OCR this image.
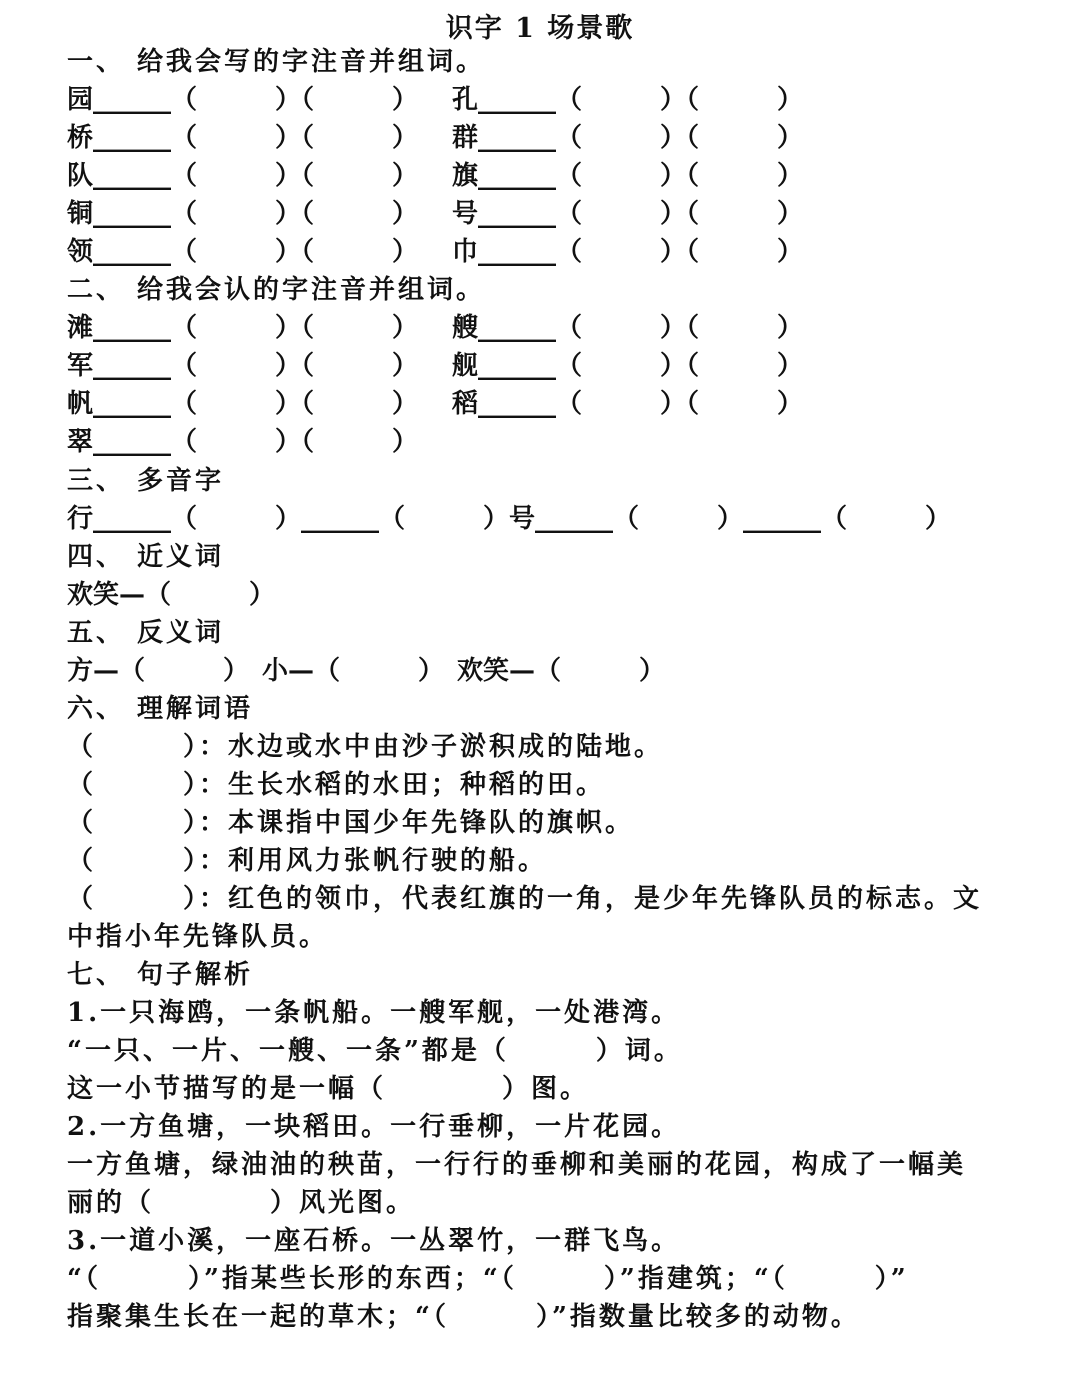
识字 1 场景歌
一、 给我会写的字注音并组词。

园______（　　　）（　　　）

孔______（　　　）（　　　）

桥______（　　　）（　　　）

群______（　　　）（　　　）

队______（　　　）（　　　）

旗______（　　　）（　　　）

铜______（　　　）（　　　）

号______（　　　）（　　　）

领______（　　　）（　　　）

巾______（　　　）（　　　）

二、 给我会认的字注音并组词。

滩______（　　　）（　　　）

艘______（　　　）（　　　）

军______（　　　）（　　　）

舰______（　　　）（　　　）

帆______（　　　）（　　　）

稻______（　　　）（　　　）

翠______（　　　）（　　　）

三、 多音字
行______（　　　）______（　　　）号______（　　　）______（　　　）
四、 近义词
欢笑—（　　　）
五、 反义词
方—（　　　）　小—（　　　）　欢笑—（　　　）
六、 理解词语
（　　　）：水边或水中由沙子淤积成的陆地。
（　　　）：生长水稻的水田；种稻的田。
（　　　）：本课指中国少年先锋队的旗帜。
（　　　）：利用风力张帆行驶的船。
（　　　）：红色的领巾，代表红旗的一角，是少年先锋队员的标志。文
中指小年先锋队员。
七、 句子解析
1.一只海鸥，一条帆船。一艘军舰，一处港湾。
“一只、一片、一艘、一条”都是（　　　）词。
这一小节描写的是一幅（　　　　）图。
2.一方鱼塘，一块稻田。一行垂柳，一片花园。
一方鱼塘，绿油油的秧苗，一行行的垂柳和美丽的花园，构成了一幅美
丽的（　　　　）风光图。
3.一道小溪，一座石桥。一丛翠竹，一群飞鸟。
“（　　　）”指某些长形的东西；“（　　　）”指建筑；“（　　　）”
指聚集生长在一起的草木；“（　　　）”指数量比较多的动物。
